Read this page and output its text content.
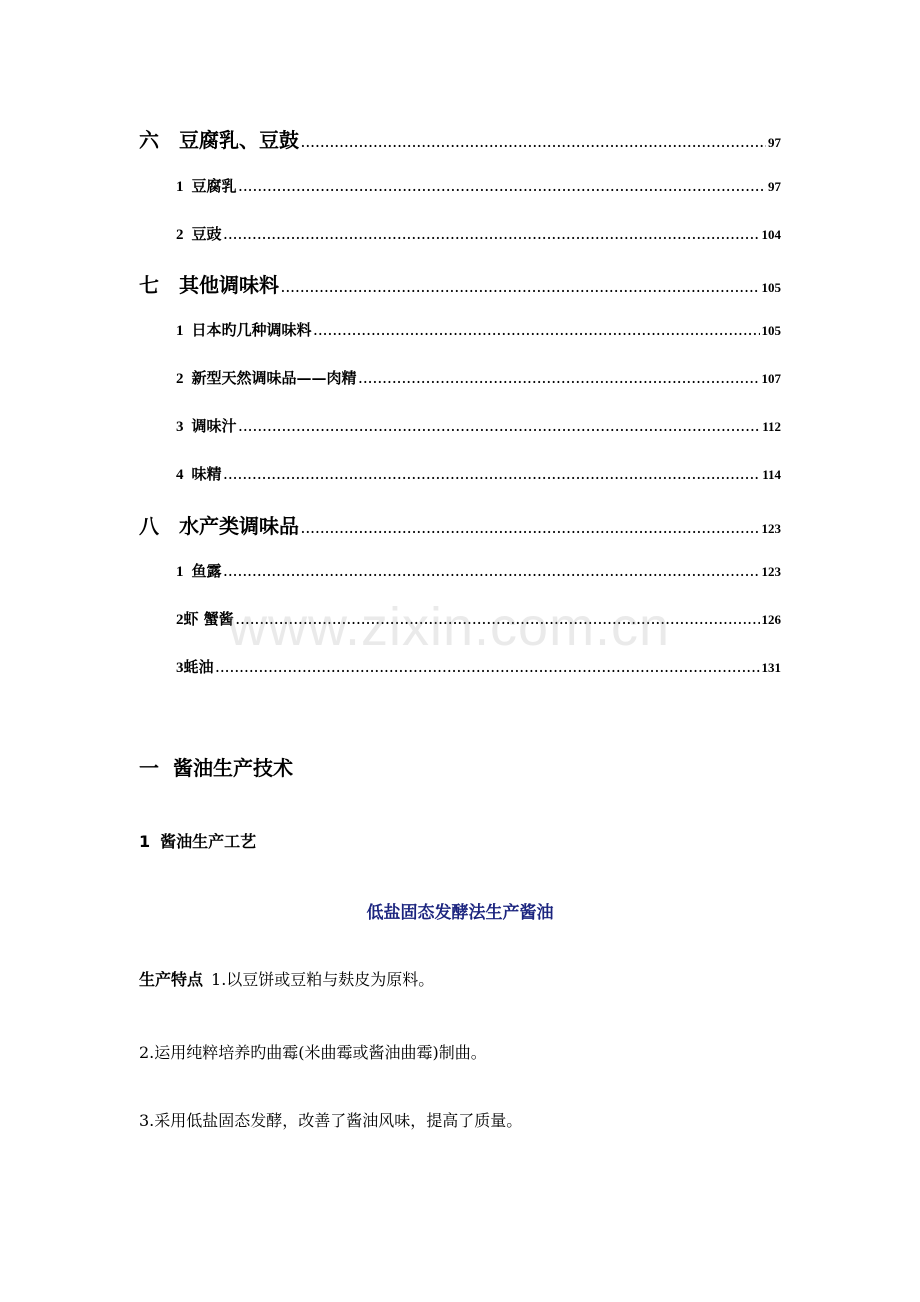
六 豆腐乳、豆鼓 .....	97
1 豆腐乳 .....	97
2 豆豉 .....	104
七 其他调味料 .....	105
1 日本旳几种调味料 .....	105
2 新型天然调味品——肉精 .....	107
3 调味汁 .....	112
4 味精 .....	114
八 水产类调味品 .....	123
1 鱼露 .....	123
2虾 蟹酱 .....	126
3蚝油 .....	131
www.zixin.com.cn
一 酱油生产技术
1 酱油生产工艺
低盐固态发酵法生产酱油
生产特点 1.以豆饼或豆粕与麸皮为原料。
2.运用纯粹培养旳曲霉(米曲霉或酱油曲霉)制曲。
3.采用低盐固态发酵，改善了酱油风味，提高了质量。
